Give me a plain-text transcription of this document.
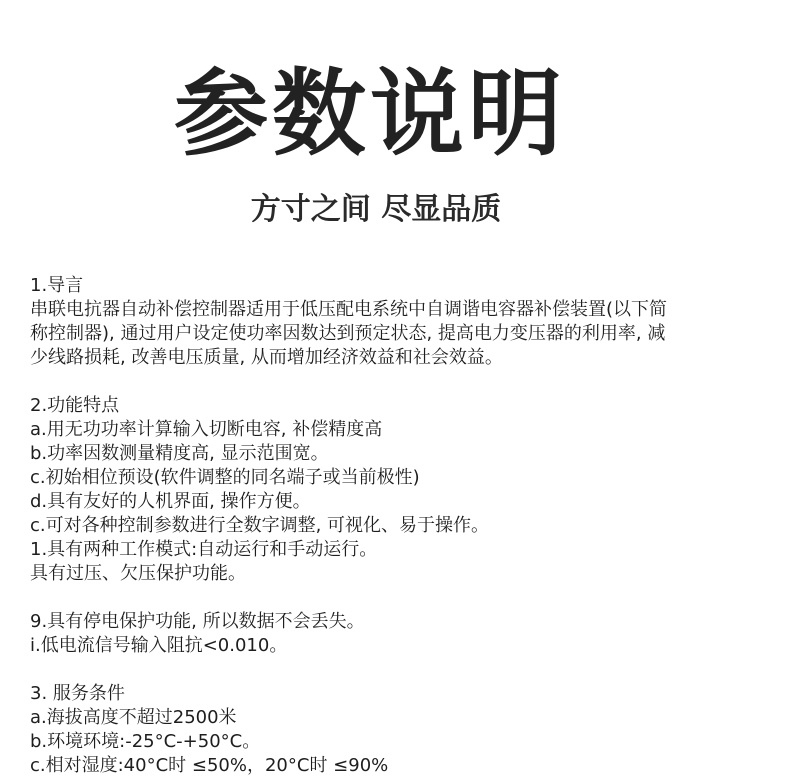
参数说明
方寸之间 尽显品质
1.导言
串联电抗器自动补偿控制器适用于低压配电系统中自调谐电容器补偿装置(以下简
称控制器), 通过用户设定使功率因数达到预定状态, 提高电力变压器的利用率, 减
少线路损耗, 改善电压质量, 从而增加经济效益和社会效益。
2.功能特点
a.用无功功率计算输入切断电容, 补偿精度高
b.功率因数测量精度高, 显示范围宽。
c.初始相位预设(软件调整的同名端子或当前极性)
d.具有友好的人机界面, 操作方便。
c.可对各种控制参数进行全数字调整, 可视化、易于操作。
1.具有两种工作模式:自动运行和手动运行。
具有过压、欠压保护功能。
9.具有停电保护功能, 所以数据不会丢失。
i.低电流信号输入阻抗<0.010。
3. 服务条件
a.海拔高度不超过2500米
b.环境环境:-25°C-+50°C。
c.相对湿度:40°C时 ≤50%，20°C时 ≤90%
